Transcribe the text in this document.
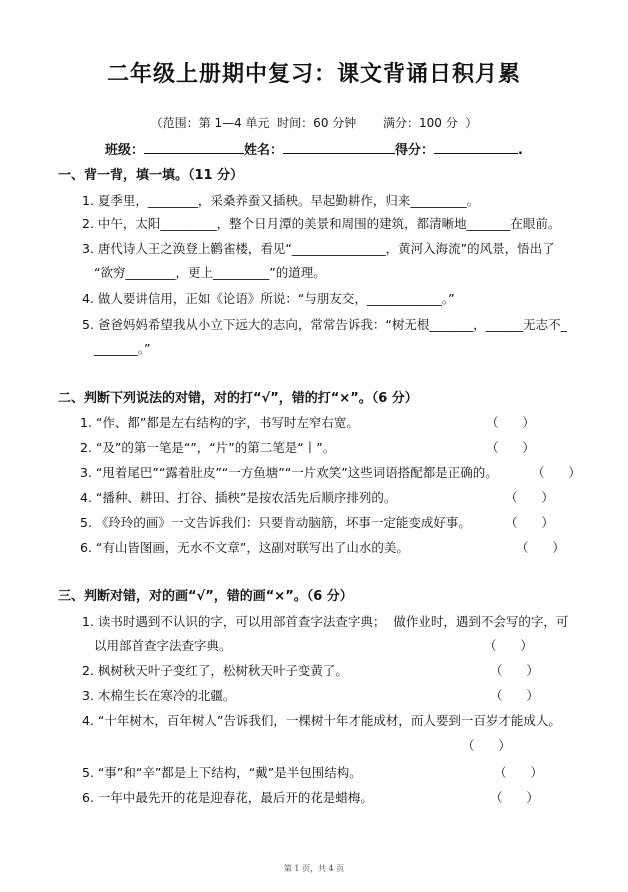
二年级上册期中复习：课文背诵日积月累
（范围：第 1—4 单元  时间：60 分钟       满分：100 分  ）
班级：	姓名：	得分：	.
一、背一背，填一填。（11 分）
1. 夏季里，________，采桑养蚕又插秧。早起勤耕作，归来_________。
2. 中午，太阳_________，整个日月潭的美景和周围的建筑，都清晰地_______在眼前。
3. 唐代诗人王之涣登上鹳雀楼，看见“_______________，黄河入海流”的风景，悟出了
“欲穷________，更上_________”的道理。
4. 做人要讲信用，正如《论语》所说：“与朋友交，____________。”
5. 爸爸妈妈希望我从小立下远大的志向，常常告诉我：“树无根_______，______无志不_
_______。”
二、判断下列说法的对错，对的打“√”，错的打“×”。（6 分）
1. “作、都”都是左右结构的字，书写时左窄右宽。	（      ）
2. “及”的第一笔是“”，“片”的第二笔是“丨”。	（      ）
3. “甩着尾巴”“露着肚皮”“一方鱼塘”“一片欢笑”这些词语搭配都是正确的。	（      ）
4. “播种、耕田、打谷、插秧”是按农活先后顺序排列的。	（      ）
5. 《玲玲的画》一文告诉我们：只要肯动脑筋，坏事一定能变成好事。	（      ）
6. “有山皆图画，无水不文章”，这副对联写出了山水的美。	（      ）
三、判断对错，对的画“√”，错的画“×”。（6 分）
1. 读书时遇到不认识的字，可以用部首查字法查字典；  做作业时，遇到不会写的字，可
以用部首查字法查字典。	（      ）
2. 枫树秋天叶子变红了，松树秋天叶子变黄了。	（      ）
3. 木棉生长在寒冷的北疆。	（      ）
4. “十年树木，百年树人”告诉我们，一棵树十年才能成材，而人要到一百岁才能成人。
（      ）
5. “事”和“辛”都是上下结构，“戴”是半包围结构。	（      ）
6. 一年中最先开的花是迎春花，最后开的花是蜡梅。	（      ）
第 1 页，共 4 页
